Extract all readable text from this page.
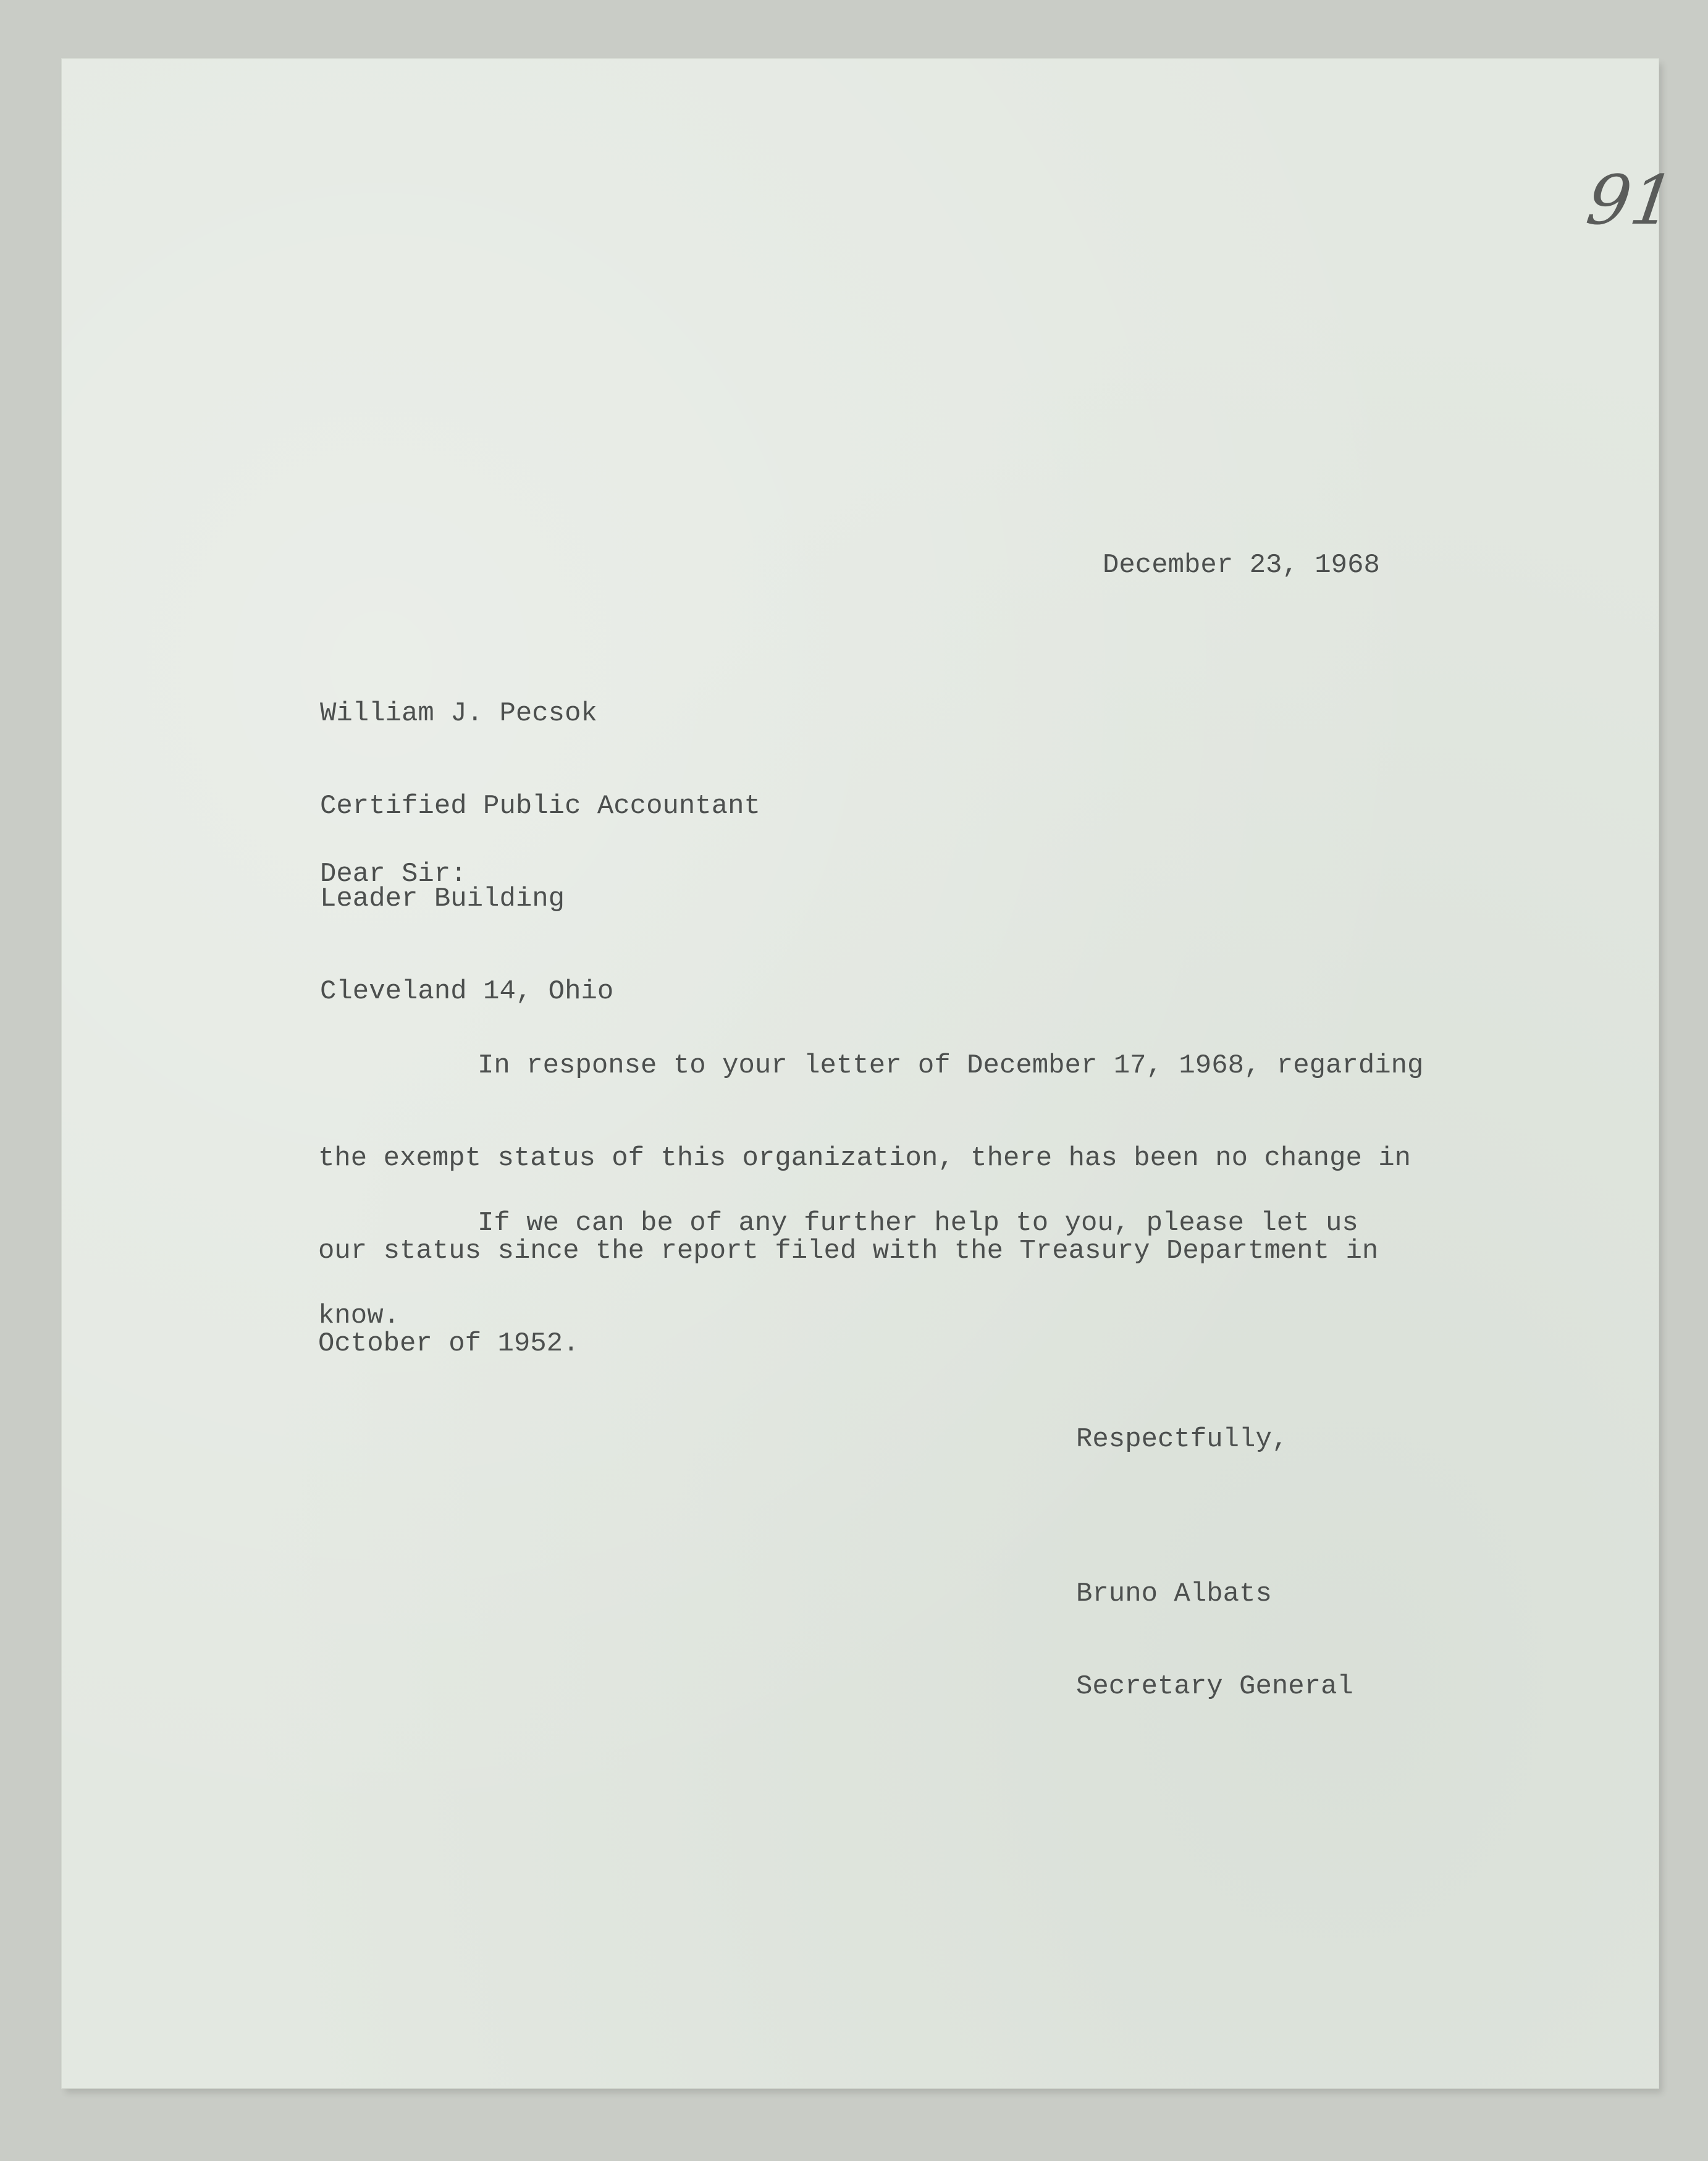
91

December 23, 1968

William J. Pecsok

Certified Public Accountant

Leader Building

Cleveland 14, Ohio

Dear Sir:

In response to your letter of December 17, 1968, regarding

the exempt status of this organization, there has been no change in

our status since the report filed with the Treasury Department in

October of 1952.

If we can be of any further help to you, please let us

know.

Respectfully,

Bruno Albats

Secretary General
